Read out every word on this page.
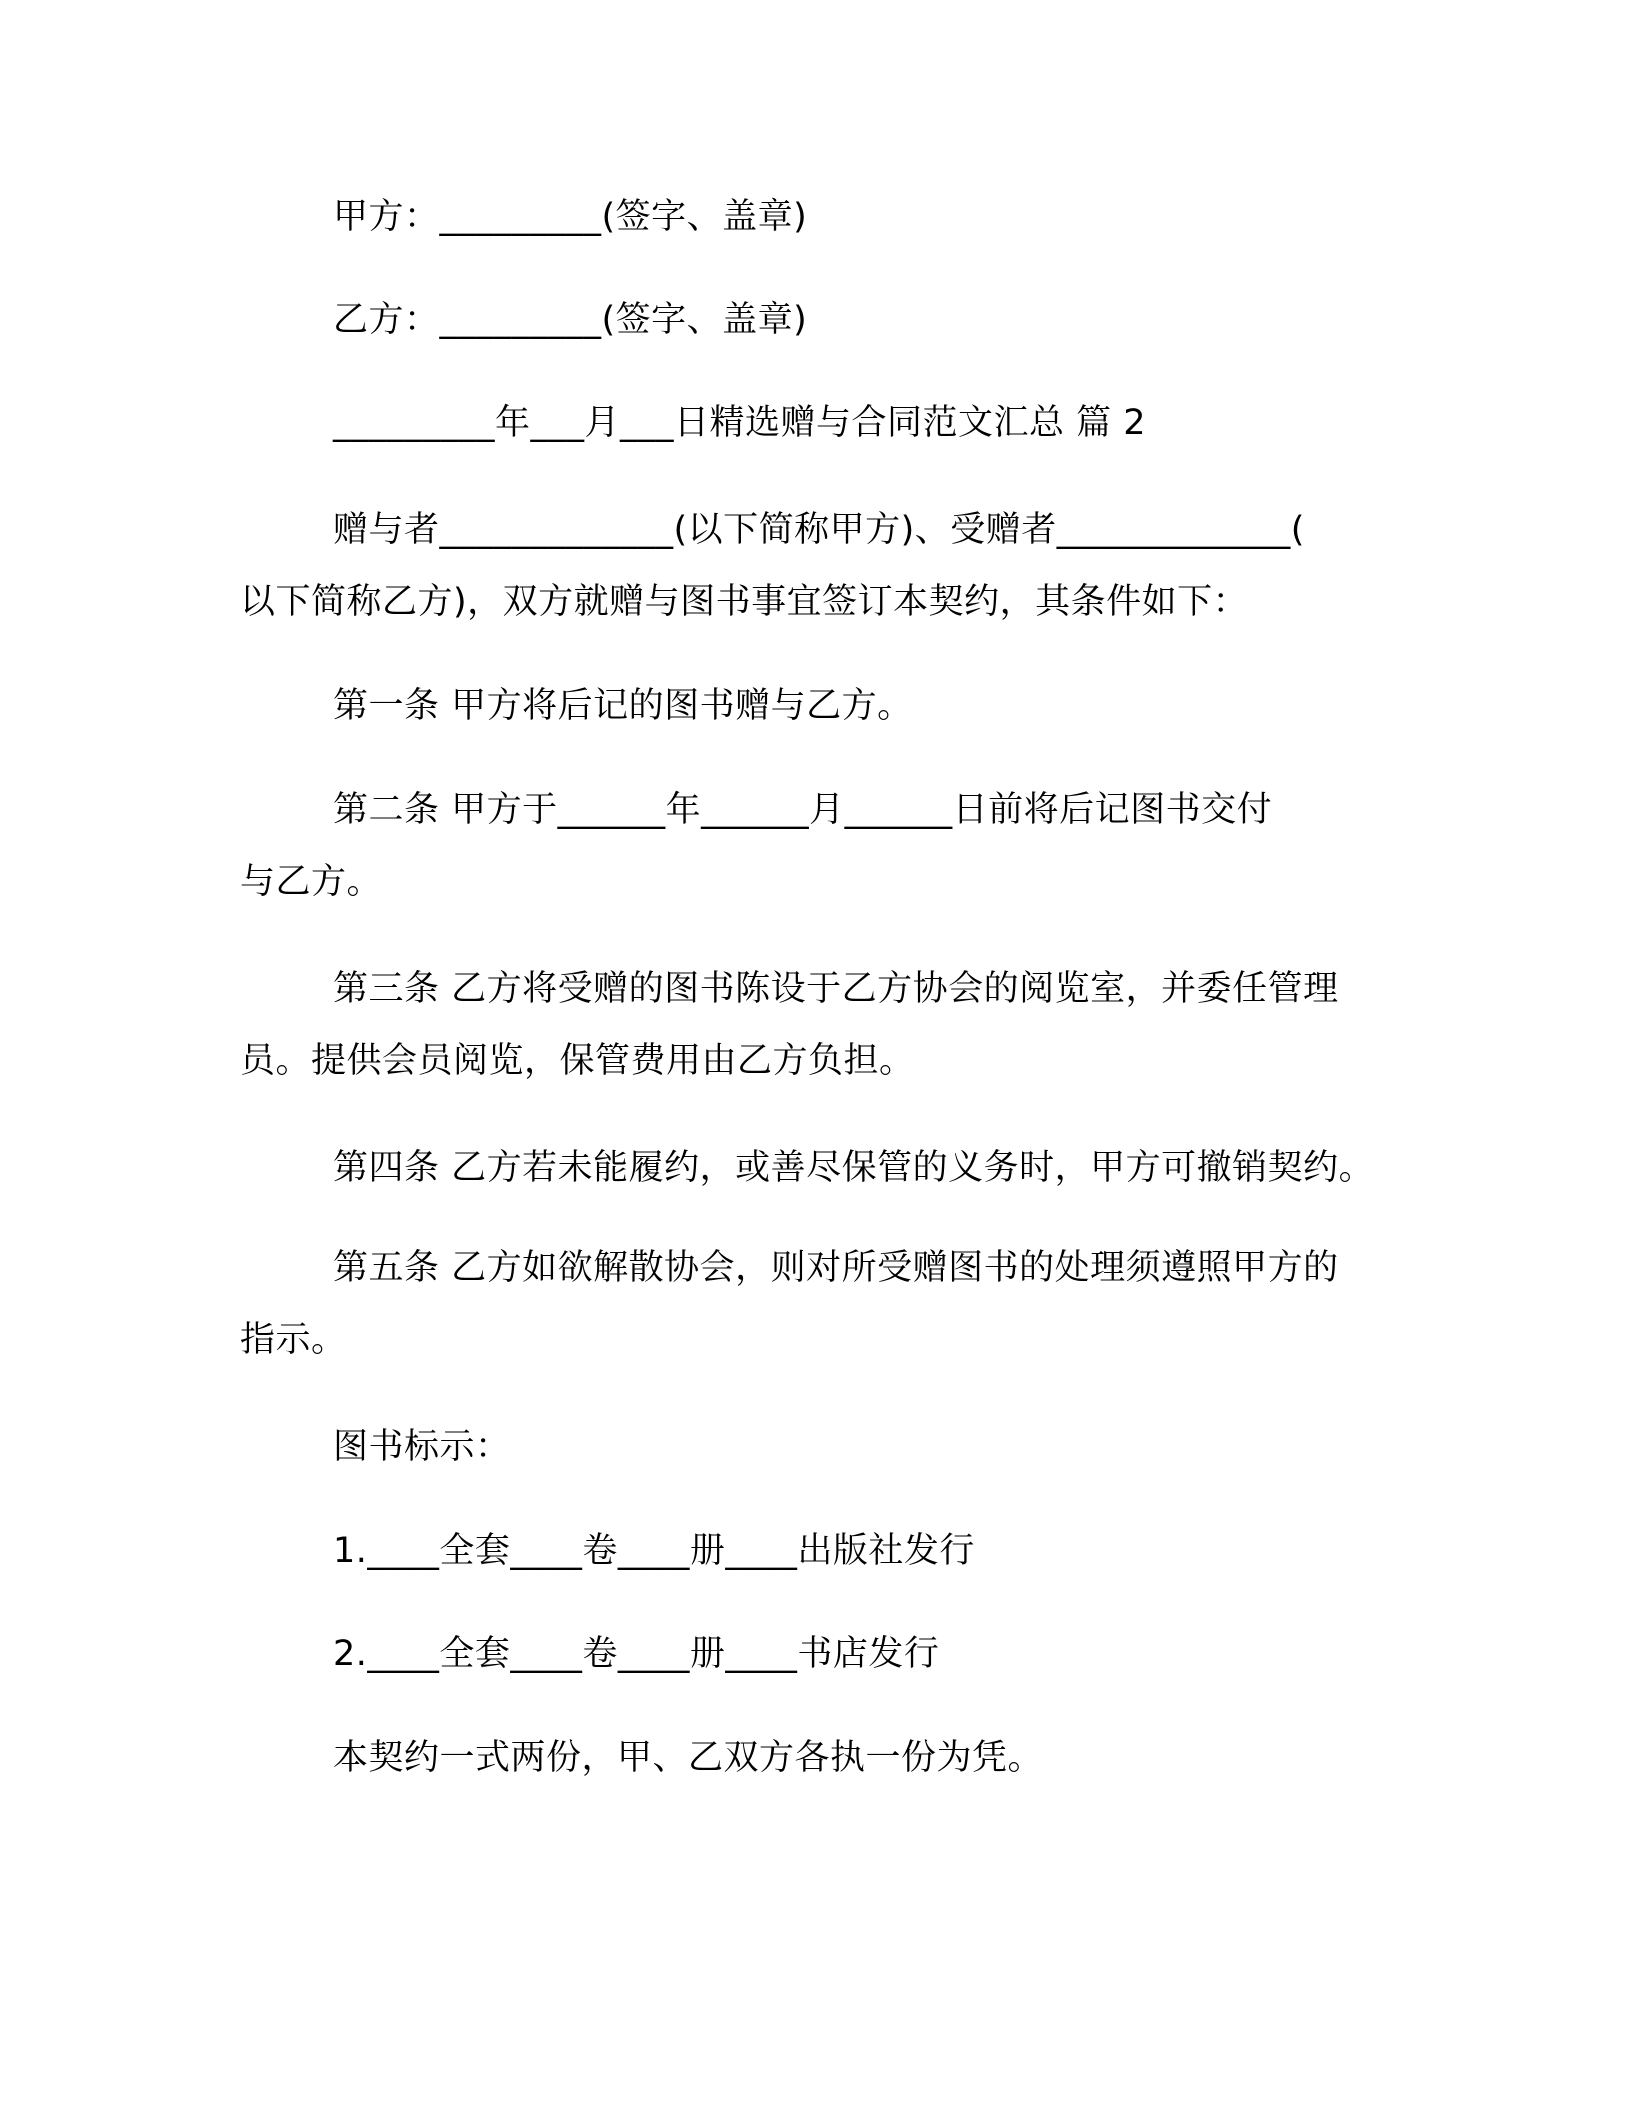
甲方：_________(签字、盖章)

乙方：_________(签字、盖章)

_________年___月___日精选赠与合同范文汇总 篇 2

赠与者_____________(以下简称甲方)、受赠者_____________(

以下简称乙方)，双方就赠与图书事宜签订本契约，其条件如下：

第一条 甲方将后记的图书赠与乙方。

第二条 甲方于______年______月______日前将后记图书交付

与乙方。

第三条 乙方将受赠的图书陈设于乙方协会的阅览室，并委任管理

员。提供会员阅览，保管费用由乙方负担。

第四条 乙方若未能履约，或善尽保管的义务时，甲方可撤销契约。

第五条 乙方如欲解散协会，则对所受赠图书的处理须遵照甲方的

指示。

图书标示：

1.____全套____卷____册____出版社发行

2.____全套____卷____册____书店发行

本契约一式两份，甲、乙双方各执一份为凭。
